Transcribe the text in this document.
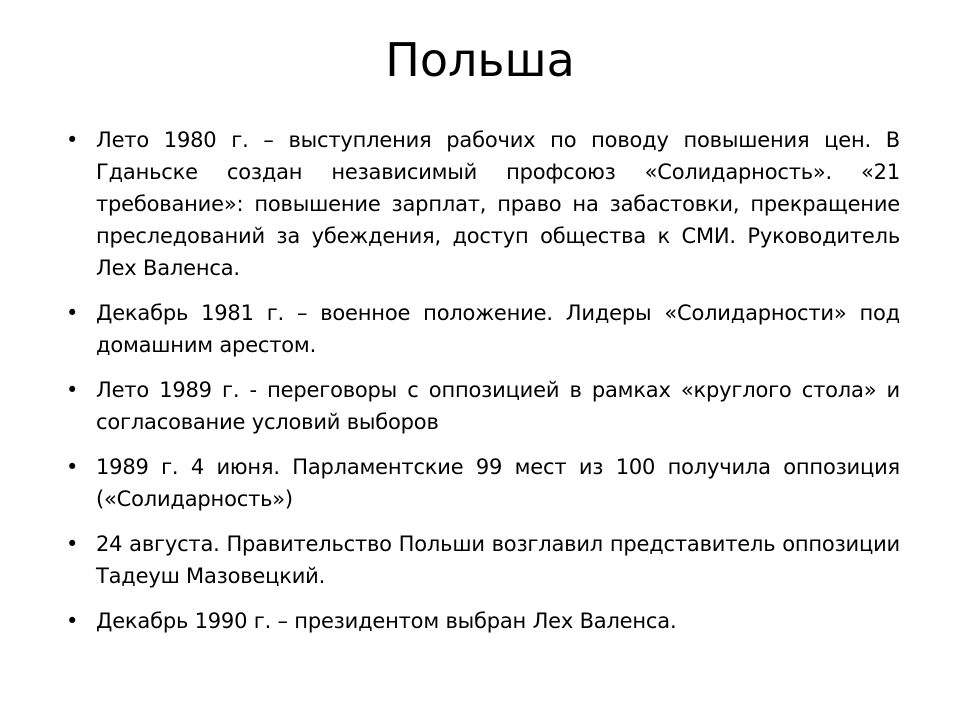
Польша
• Лето 1980 г. – выступления рабочих по поводу повышения цен. В Гданьске создан независимый профсоюз «Солидарность». «21 требование»: повышение зарплат, право на забастовки, прекращение преследований за убеждения, доступ общества к СМИ. Руководитель Лех Валенса.
• Декабрь 1981 г. – военное положение. Лидеры «Солидарности» под домашним арестом.
• Лето 1989 г. - переговоры с оппозицией в рамках «круглого стола» и согласование условий выборов
• 1989 г. 4 июня. Парламентские 99 мест из 100 получила оппозиция («Солидарность»)
• 24 августа. Правительство Польши возглавил представитель оппозиции Тадеуш Мазовецкий.
• Декабрь 1990 г. – президентом выбран Лех Валенса.
